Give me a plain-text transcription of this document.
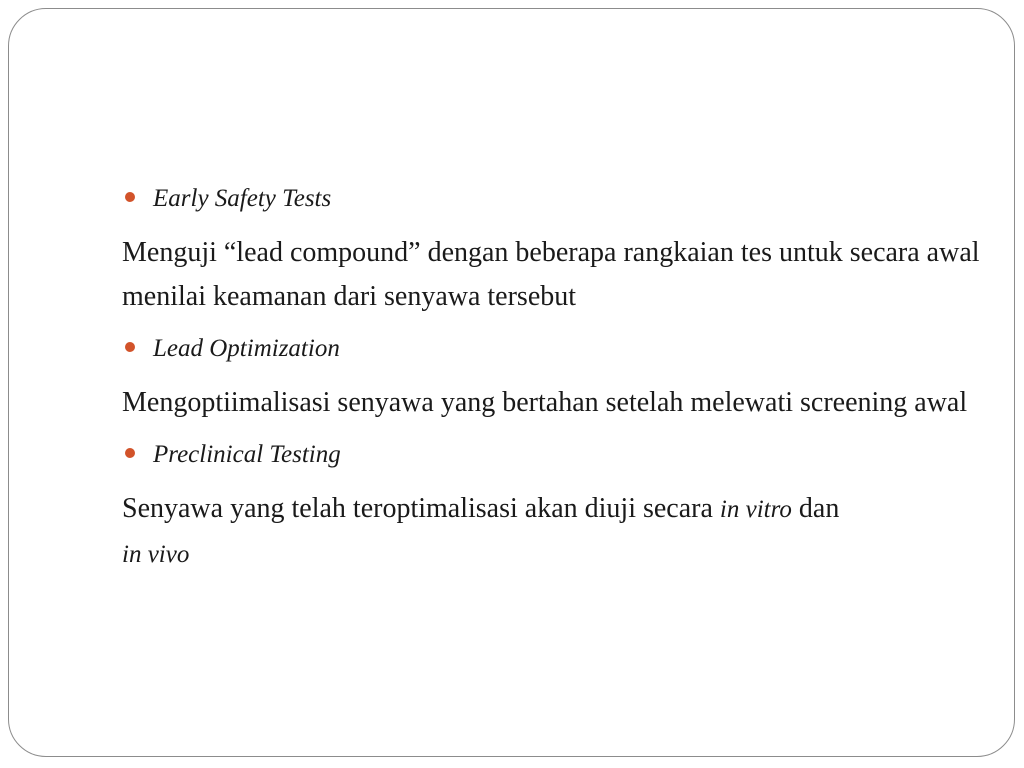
Early Safety Tests
Menguji “lead compound” dengan beberapa rangkaian tes untuk secara awal menilai keamanan dari senyawa tersebut
Lead Optimization
Mengoptiimalisasi senyawa yang bertahan setelah melewati screening awal
Preclinical Testing
Senyawa yang telah teroptimalisasi akan diuji secara in vitro dan
in vivo
